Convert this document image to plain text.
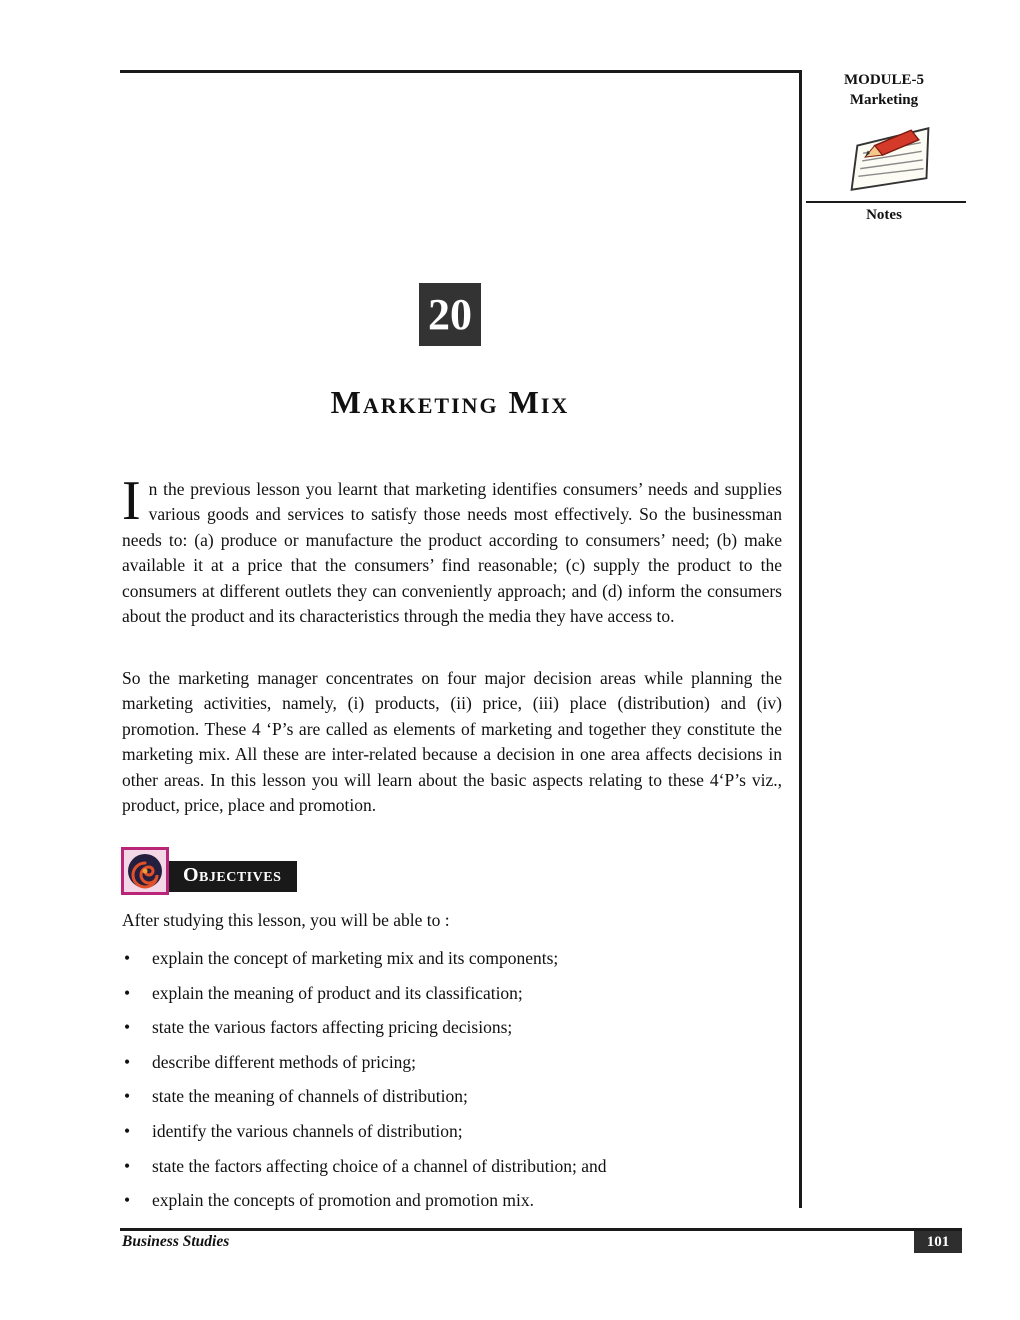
MODULE-5
Marketing
Notes
20
Marketing Mix

In the previous lesson you learnt that marketing identifies consumers’ needs and supplies various goods and services to satisfy those needs most effectively. So the businessman needs to: (a) produce or manufacture the product according to consumers’ need; (b) make available it at a price that the consumers’ find reasonable; (c) supply the product to the consumers at different outlets they can conveniently approach; and (d) inform the consumers about the product and its characteristics through the media they have access to.

So the marketing manager concentrates on four major decision areas while planning the marketing activities, namely, (i) products, (ii) price, (iii) place (distribution) and (iv) promotion. These 4 ‘P’s are called as elements of marketing and together they constitute the marketing mix. All these are inter-related because a decision in one area affects decisions in other areas. In this lesson you will learn about the basic aspects relating to these 4‘P’s viz., product, price, place and promotion.

Objectives

After studying this lesson, you will be able to :

• explain the concept of marketing mix and its components;
• explain the meaning of product and its classification;
• state the various factors affecting pricing decisions;
• describe different methods of pricing;
• state the meaning of channels of distribution;
• identify the various channels of distribution;
• state the factors affecting choice of a channel of distribution; and
• explain the concepts of promotion and promotion mix.
Business Studies	101
